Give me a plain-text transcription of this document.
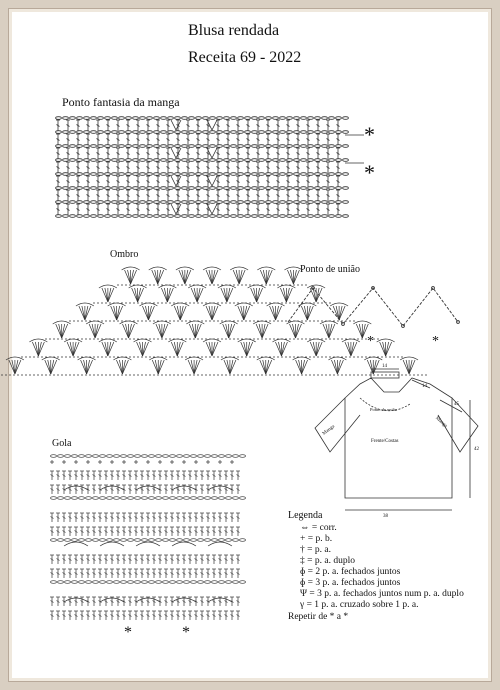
Blusa rendada
Receita 69 - 2022
Ponto fantasia da manga
Ombro
Ponto de união
Gola
*
*
*	*
*	*
14
14
45
42
38
Manga
Manga
Ponto de união
Frente/Costas
Legenda
⇔ = corr.
+ = p. b.
† = p. a.
‡ = p. a. duplo
ɸ = 2 p. a. fechados juntos
ɸ = 3 p. a. fechados juntos
Ψ = 3 p. a. fechados juntos num p. a. duplo
γ = 1 p. a. cruzado sobre 1 p. a.
Repetir de * a *
